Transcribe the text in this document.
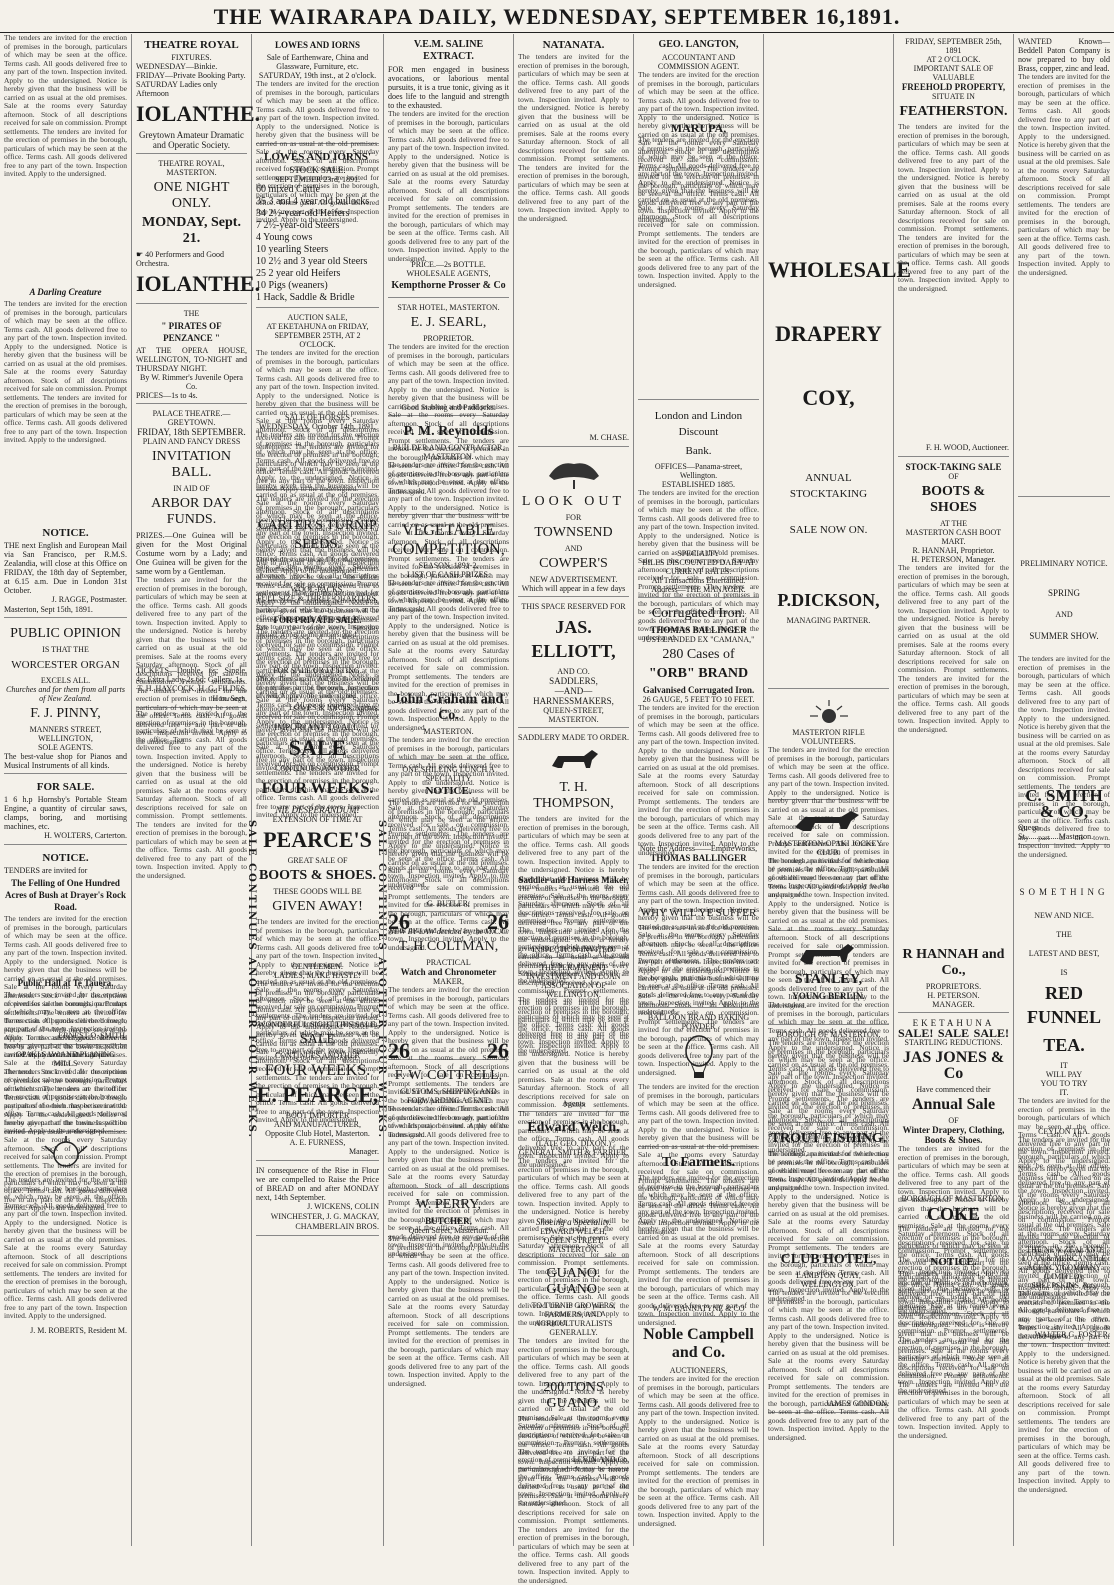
THE WAIRARAPA DAILY, WEDNESDAY, SEPTEMBER 16,1891.
The tenders are invited for the erection of premises in the borough, particulars of which may be seen at the office. Terms cash. All goods delivered free to any part of the town. Inspection invited. Apply to the undersigned. Notice is hereby given that the business will be carried on as usual at the old premises. Sale at the rooms every Saturday afternoon. Stock of all descriptions received for sale on commission. Prompt settlements. The tenders are invited for the erection of premises in the borough, particulars of which may be seen at the office. Terms cash. All goods delivered free to any part of the town. Inspection invited. Apply to the undersigned.
A Darling Creature
The tenders are invited for the erection of premises in the borough, particulars of which may be seen at the office. Terms cash. All goods delivered free to any part of the town. Inspection invited. Apply to the undersigned. Notice is hereby given that the business will be carried on as usual at the old premises. Sale at the rooms every Saturday afternoon. Stock of all descriptions received for sale on commission. Prompt settlements. The tenders are invited for the erection of premises in the borough, particulars of which may be seen at the office. Terms cash. All goods delivered free to any part of the town. Inspection invited. Apply to the undersigned.
NOTICE.
THE next English and European Mail via San Francisco, per R.M.S. Zealandia, will close at this Office on FRIDAY, the 18th day of September, at 6.15 a.m. Due in London 31st October.
J. RAGGE, Postmaster.
Masterton, Sept 15th, 1891.
PUBLIC OPINION
IS THAT THE
WORCESTER ORGAN
EXCELS ALL.
Churches and for them from all parts of New Zealand.
F. J. PINNY,
MANNERS STREET, WELLINGTON,
SOLE AGENTS.
The best-value shop for Pianos and Musical Instruments of all kinds.
FOR SALE.
1 6 h.p Hornsby's Portable Steam Engine, a quantity of circular saws, clamps, boring, and mortising machines, etc.
H. WOLTERS, Carterton.
NOTICE.
TENDERS are invited for
The Felling of One Hundred Acres of Bush at Drayer's Rock Road.
The tenders are invited for the erection of premises in the borough, particulars of which may be seen at the office. Terms cash. All goods delivered free to any part of the town. Inspection invited. Apply to the undersigned. Notice is hereby given that the business will be carried on as usual at the old premises. Sale at the rooms every Saturday afternoon. Stock of all descriptions received for sale on commission. Prompt settlements. The tenders are invited for the erection of premises in the borough, particulars of which may be seen at the office. Terms cash. All goods delivered free to any part of the town. Inspection invited. Apply to the undersigned.
Public Hall at Te Tauera.
The tenders are invited for the erection of premises in the borough, particulars of which may be seen at the office. Terms cash. All goods delivered free to any part of the town. Inspection invited. Apply to the undersigned. Notice is hereby given that the business will be carried on as usual at the old premises. Sale at the rooms every Saturday afternoon. Stock of all descriptions received for sale on commission. Prompt settlements. The tenders are invited for the erection of premises in the borough, particulars of which may be seen at the office. Terms cash. All goods delivered free to any part of the town. Inspection invited. Apply to the undersigned.
ERNEST O. SMITH.
OPAKI SAW AND PLANING MILLS
The tenders are invited for the erection of premises in the borough, particulars of which may be seen at the office. Terms cash. All goods delivered free to any part of the town. Inspection invited. Apply to the undersigned. Notice is hereby given that the business will be carried on as usual at the old premises. Sale at the rooms every Saturday afternoon. Stock of all descriptions received for sale on commission. Prompt settlements. The tenders are invited for the erection of premises in the borough, particulars of which may be seen at the office. Terms cash. All goods delivered free to any part of the town. Inspection invited. Apply to the undersigned.
The tenders are invited for the erection of premises in the borough, particulars of which may be seen at the office. Terms cash. All goods delivered free to any part of the town. Inspection invited. Apply to the undersigned. Notice is hereby given that the business will be carried on as usual at the old premises. Sale at the rooms every Saturday afternoon. Stock of all descriptions received for sale on commission. Prompt settlements. The tenders are invited for the erection of premises in the borough, particulars of which may be seen at the office. Terms cash. All goods delivered free to any part of the town. Inspection invited. Apply to the undersigned.
J. M. ROBERTS, Resident M.
THEATRE ROYAL
FIXTURES.
WEDNESDAY—Binkie.
FRIDAY—Private Booking Party.
SATURDAY Ladies only
Afternoon
IOLANTHE.
Greytown Amateur Dramatic and Operatic Society.
THEATRE ROYAL, MASTERTON.
ONE NIGHT ONLY.
MONDAY, Sept. 21.
☛ 40 Performers and Good Orchestra.
IOLANTHE.
THE
" PIRATES OF PENZANCE "
AT THE OPERA HOUSE, WELLINGTON, TO-NIGHT and THURSDAY NIGHT.
By W. Rimmer's Juvenile Opera Co.
PRICES—1s to 4s.
PALACE THEATRE.—GREYTOWN.
FRIDAY, 18th SEPTEMBER.
PLAIN AND FANCY DRESS
INVITATION BALL.
IN AID OF
ARBOR DAY FUNDS.
PRIZES.—One Guinea will be given for the Most Original Costume worn by a Lady; and One Guinea will be given for the same worn by a Gentleman.
The tenders are invited for the erection of premises in the borough, particulars of which may be seen at the office. Terms cash. All goods delivered free to any part of the town. Inspection invited. Apply to the undersigned. Notice is hereby given that the business will be carried on as usual at the old premises. Sale at the rooms every Saturday afternoon. Stock of all descriptions received for sale on commission. Prompt settlements. The tenders are invited for the erection of premises in the borough, particulars of which may be seen at the office. Terms cash. All goods delivered free to any part of the town. Inspection invited. Apply to the undersigned.
TICKETS—Double, 6s; Single, 4s; Extra Lady, 2s 6d; Gallery, 1s.
T. H. HAYCOCK, H. G. FILDES, Hon. Secs.
The tenders are invited for the erection of premises in the borough, particulars of which may be seen at the office. Terms cash. All goods delivered free to any part of the town. Inspection invited. Apply to the undersigned. Notice is hereby given that the business will be carried on as usual at the old premises. Sale at the rooms every Saturday afternoon. Stock of all descriptions received for sale on commission. Prompt settlements. The tenders are invited for the erection of premises in the borough, particulars of which may be seen at the office. Terms cash. All goods delivered free to any part of the town. Inspection invited. Apply to the undersigned.
SALE CONTINUES ANOTHER FOUR WEEKS.	SALE CONTINUES ANOTHER FOUR WEEKS.
LOWES AND IORNS
Sale of Earthenware, China and Glassware, Furniture, etc.
SATURDAY, 19th inst., at 2 o'clock.
The tenders are invited for the erection of premises in the borough, particulars of which may be seen at the office. Terms cash. All goods delivered free to any part of the town. Inspection invited. Apply to the undersigned. Notice is hereby given that the business will be carried on as usual at the old premises. Sale at the rooms every Saturday afternoon. Stock of all descriptions received for sale on commission. Prompt settlements. The tenders are invited for the erection of premises in the borough, particulars of which may be seen at the office. Terms cash. All goods delivered free to any part of the town. Inspection invited. Apply to the undersigned.
LOWES AND IORNS'
STOCK SALE.
SEPTEMBER 23rd, 1891.
60 mixed Cattle
35 3 and 4 year old bullocks
34 2½-year-old Heifers
7 2½-year-old Steers
4 Young cows
10 yearling Steers
10 2½ and 3 year old Steers
25 2 year old Heifers
10 Pigs (weaners)
1 Hack, Saddle & Bridle
AUCTION SALE,
AT EKETAHUNA on FRIDAY, SEPTEMBER 25TH, AT 2 O'CLOCK.
The tenders are invited for the erection of premises in the borough, particulars of which may be seen at the office. Terms cash. All goods delivered free to any part of the town. Inspection invited. Apply to the undersigned. Notice is hereby given that the business will be carried on as usual at the old premises. Sale at the rooms every Saturday afternoon. Stock of all descriptions received for sale on commission. Prompt settlements. The tenders are invited for the erection of premises in the borough, particulars of which may be seen at the office. Terms cash. All goods delivered free to any part of the town. Inspection invited. Apply to the undersigned.
SALE OF HORSES
WEDNESDAY, October 14th, 1891,
The tenders are invited for the erection of premises in the borough, particulars of which may be seen at the office. Terms cash. All goods delivered free to any part of the town. Inspection invited. Apply to the undersigned. Notice is hereby given that the business will be carried on as usual at the old premises. Sale at the rooms every Saturday afternoon. Stock of all descriptions received for sale on commission. Prompt settlements. The tenders are invited for the erection of premises in the borough, particulars of which may be seen at the office. Terms cash. All goods delivered free to any part of the town. Inspection invited. Apply to the undersigned.
The tenders are invited for the erection of premises in the borough, particulars of which may be seen at the office. Terms cash. All goods delivered free to any part of the town. Inspection invited. Apply to the undersigned. Notice is hereby given that the business will be carried on as usual at the old premises. Sale at the rooms every Saturday afternoon. Stock of all descriptions received for sale on commission. Prompt settlements. The tenders are invited for the erection of premises in the borough, particulars of which may be seen at the office. Terms cash. All goods delivered free to any part of the town. Inspection invited. Apply to the undersigned.
CARTER'S TURNIP
SEEDS.
The tenders are invited for the erection of premises in the borough, particulars of which may be seen at the office. Terms cash. All goods delivered free to any part of the town. Inspection invited. Apply to the undersigned. Notice is hereby given that the business will be carried on as usual at the old premises. Sale at the rooms every Saturday afternoon. Stock of all descriptions received for sale on commission. Prompt settlements. The tenders are invited for the erection of premises in the borough, particulars of which may be seen at the office. Terms cash. All goods delivered free to any part of the town. Inspection invited. Apply to the undersigned.
WOOL-PACKS.
FULL SIZE & THREE-QUARTERS.
FOR PRIVATE SALE.
The tenders are invited for the erection of premises in the borough, particulars of which may be seen at the office. Terms cash. All goods delivered free to any part of the town. Inspection invited. Apply to the undersigned. Notice is hereby given that the business will be carried on as usual at the old premises. Sale at the rooms every Saturday afternoon. Stock of all descriptions received for sale on commission. Prompt settlements. The tenders are invited for the erection of premises in the borough, particulars of which may be seen at the office. Terms cash. All goods delivered free to any part of the town. Inspection invited. Apply to the undersigned.
FOR SALE OR LETTING.
The tenders are invited for the erection of premises in the borough, particulars of which may be seen at the office. Terms cash. All goods delivered free to any part of the town. Inspection invited. Apply to the undersigned. Notice is hereby given that the business will be carried on as usual at the old premises. Sale at the rooms every Saturday afternoon. Stock of all descriptions received for sale on commission. Prompt settlements. The tenders are invited for the erection of premises in the borough, particulars of which may be seen at the office. Terms cash. All goods delivered free to any part of the town. Inspection invited. Apply to the undersigned.
LOWES & IORNS, Agents.
IMPORTANT TO ALL.
SALE
CONTINUES ANOTHER
FOUR WEEKS.
NIL DESPERANDUM!
EXTENSION OF TIME AT
PEARCE'S
GREAT SALE OF
BOOTS & SHOES.
THESE GOODS WILL BE
GIVEN AWAY!
The tenders are invited for the erection of premises in the borough, particulars of which may be seen at the office. Terms cash. All goods delivered free to any part of the town. Inspection invited. Apply to the undersigned. Notice is hereby given that the business will be carried on as usual at the old premises. Sale at the rooms every Saturday afternoon. Stock of all descriptions received for sale on commission. Prompt settlements. The tenders are invited for the erection of premises in the borough, particulars of which may be seen at the office. Terms cash. All goods delivered free to any part of the town. Inspection invited. Apply to the undersigned.
GENTLEMEN.
LADIES, MAKE HASTE!
The tenders are invited for the erection of premises in the borough, particulars of which may be seen at the office. Terms cash. All goods delivered free to any part of the town. Inspection invited. Apply to the undersigned. Notice is hereby given that the business will be carried on as usual at the old premises. Sale at the rooms every Saturday afternoon. Stock of all descriptions received for sale on commission. Prompt settlements. The tenders are invited for the erection of premises in the borough, particulars of which may be seen at the office. Terms cash. All goods delivered free to any part of the town. Inspection invited. Apply to the undersigned.
WONDERFUL SIGHT THIS SALE.
SALE
CONTINUES ANOTHER
FOUR WEEKS.
E. PEARCE,
BOOT IMPORTER
AND MANUFACTURER,
Opposite Club Hotel, Masterton.
A. E. FURNESS,
Manager.
IN consequence of the Rise in Flour we are compelled to Raise the Price of BREAD on and after MONDAY next, 14th September.
J. WICKENS, COLIN WINCHESTER, J. G. MACKAY, CHAMBERLAIN BROS.
V.E.M. SALINE EXTRACT.
FOR men engaged in business avocations, or laborious mental pursuits, it is a true tonic, giving as it does life to the languid and strength to the exhausted.
The tenders are invited for the erection of premises in the borough, particulars of which may be seen at the office. Terms cash. All goods delivered free to any part of the town. Inspection invited. Apply to the undersigned. Notice is hereby given that the business will be carried on as usual at the old premises. Sale at the rooms every Saturday afternoon. Stock of all descriptions received for sale on commission. Prompt settlements. The tenders are invited for the erection of premises in the borough, particulars of which may be seen at the office. Terms cash. All goods delivered free to any part of the town. Inspection invited. Apply to the undersigned.
PRICE.—2s BOTTLE.
WHOLESALE AGENTS,
Kempthorne Prosser & Co
STAR HOTEL, MASTERTON.
E. J. SEARL,
PROPRIETOR.
The tenders are invited for the erection of premises in the borough, particulars of which may be seen at the office. Terms cash. All goods delivered free to any part of the town. Inspection invited. Apply to the undersigned. Notice is hereby given that the business will be carried on as usual at the old premises. Sale at the rooms every Saturday afternoon. Stock of all descriptions received for sale on commission. Prompt settlements. The tenders are invited for the erection of premises in the borough, particulars of which may be seen at the office. Terms cash. All goods delivered free to any part of the town. Inspection invited. Apply to the undersigned.
Good Stabling and Paddocks.
P. M. Reynolds
BUILDER AND CONTRACTOR,
MASTERTON.
The tenders are invited for the erection of premises in the borough, particulars of which may be seen at the office. Terms cash. All goods delivered free to any part of the town. Inspection invited. Apply to the undersigned. Notice is hereby given that the business will be carried on as usual at the old premises. Sale at the rooms every Saturday afternoon. Stock of all descriptions received for sale on commission. Prompt settlements. The tenders are invited for the erection of premises in the borough, particulars of which may be seen at the office. Terms cash. All goods delivered free to any part of the town. Inspection invited. Apply to the undersigned.
VEGETABLE
COMPETITION,
SEASON, 1891-2.
LIST OF CASH PRIZES.
The tenders are invited for the erection of premises in the borough, particulars of which may be seen at the office. Terms cash. All goods delivered free to any part of the town. Inspection invited. Apply to the undersigned. Notice is hereby given that the business will be carried on as usual at the old premises. Sale at the rooms every Saturday afternoon. Stock of all descriptions received for sale on commission. Prompt settlements. The tenders are invited for the erection of premises in the borough, particulars of which may be seen at the office. Terms cash. All goods delivered free to any part of the town. Inspection invited. Apply to the undersigned.
John Graham and Co.
MASTERTON.
The tenders are invited for the erection of premises in the borough, particulars of which may be seen at the office. Terms cash. All goods delivered free to any part of the town. Inspection invited. Apply to the undersigned. Notice is hereby given that the business will be carried on as usual at the old premises. Sale at the rooms every Saturday afternoon. Stock of all descriptions received for sale on commission. Prompt settlements. The tenders are invited for the erection of premises in the borough, particulars of which may be seen at the office. Terms cash. All goods delivered free to any part of the town. Inspection invited. Apply to the undersigned.
ONE SHILLING LUNCH A SPECIALITY
NOTICE.
The tenders are invited for the erection of premises in the borough, particulars of which may be seen at the office. Terms cash. All goods delivered free to any part of the town. Inspection invited. Apply to the undersigned. Notice is hereby given that the business will be carried on as usual at the old premises. Sale at the rooms every Saturday afternoon. Stock of all descriptions received for sale on commission. Prompt settlements. The tenders are invited for the erection of premises in the borough, particulars of which may be seen at the office. Terms cash. All goods delivered free to any part of the town. Inspection invited. Apply to the undersigned.
G. BUTLER,
26	26
NEW BY-LAW decided by the M.C.C.
T. H COLTMAN,
PRACTICAL
Watch and Chronometer
MAKER,
The tenders are invited for the erection of premises in the borough, particulars of which may be seen at the office. Terms cash. All goods delivered free to any part of the town. Inspection invited. Apply to the undersigned. Notice is hereby given that the business will be carried on as usual at the old premises. Sale at the rooms every Saturday afternoon. Stock of all descriptions received for sale on commission. Prompt settlements. The tenders are invited for the erection of premises in the borough, particulars of which may be seen at the office. Terms cash. All goods delivered free to any part of the town. Inspection invited. Apply to the undersigned.
26	26
F. W. COTTRELL,
CUSTOMS, SHIPPING AND FORWARDING AGENT.
The tenders are invited for the erection of premises in the borough, particulars of which may be seen at the office. Terms cash. All goods delivered free to any part of the town. Inspection invited. Apply to the undersigned. Notice is hereby given that the business will be carried on as usual at the old premises. Sale at the rooms every Saturday afternoon. Stock of all descriptions received for sale on commission. Prompt settlements. The tenders are invited for the erection of premises in the borough, particulars of which may be seen at the office. Terms cash. All goods delivered free to any part of the town. Inspection invited. Apply to the undersigned.
W. PERRY,
BUTCHER,
Queen Street, Masterton.
The tenders are invited for the erection of premises in the borough, particulars of which may be seen at the office. Terms cash. All goods delivered free to any part of the town. Inspection invited. Apply to the undersigned. Notice is hereby given that the business will be carried on as usual at the old premises. Sale at the rooms every Saturday afternoon. Stock of all descriptions received for sale on commission. Prompt settlements. The tenders are invited for the erection of premises in the borough, particulars of which may be seen at the office. Terms cash. All goods delivered free to any part of the town. Inspection invited. Apply to the undersigned.
NATANATA.
The tenders are invited for the erection of premises in the borough, particulars of which may be seen at the office. Terms cash. All goods delivered free to any part of the town. Inspection invited. Apply to the undersigned. Notice is hereby given that the business will be carried on as usual at the old premises. Sale at the rooms every Saturday afternoon. Stock of all descriptions received for sale on commission. Prompt settlements. The tenders are invited for the erection of premises in the borough, particulars of which may be seen at the office. Terms cash. All goods delivered free to any part of the town. Inspection invited. Apply to the undersigned.
M. CHASE.
LOOK OUT
FOR
TOWNSEND
AND
COWPER'S
NEW ADVERTISEMENT.
Which will appear in a few days
THIS SPACE RESERVED FOR
JAS. ELLIOTT,
AND CO.
SADDLERS,
—AND— HARNESSMAKERS,
QUEEN-STREET, MASTERTON.
SADDLERY MADE TO ORDER.
T. H. THOMPSON,
The tenders are invited for the erection of premises in the borough, particulars of which may be seen at the office. Terms cash. All goods delivered free to any part of the town. Inspection invited. Apply to the undersigned. Notice is hereby given that the business will be carried on as usual at the old premises. Sale at the rooms every Saturday afternoon. Stock of all descriptions received for sale on commission. Prompt settlements. The tenders are invited for the erection of premises in the borough, particulars of which may be seen at the office. Terms cash. All goods delivered free to any part of the town. Inspection invited. Apply to the undersigned.
Saddler and Harness Maker,
The tenders are invited for the erection of premises in the borough, particulars of which may be seen at the office. Terms cash. All goods delivered free to any part of the town. Inspection invited. Apply to the undersigned. Notice is hereby given that the business will be carried on as usual at the old premises. Sale at the rooms every Saturday afternoon. Stock of all descriptions received for sale on commission. Prompt settlements. The tenders are invited for the erection of premises in the borough, particulars of which may be seen at the office. Terms cash. All goods delivered free to any part of the town. Inspection invited. Apply to the undersigned.
INSPECTION INVITED.
THE PERMANENT INVESTMENT AND LOAN ASSOCIATION OF WELLINGTON.
The tenders are invited for the erection of premises in the borough, particulars of which may be seen at the office. Terms cash. All goods delivered free to any part of the town. Inspection invited. Apply to the undersigned. Notice is hereby given that the business will be carried on as usual at the old premises. Sale at the rooms every Saturday afternoon. Stock of all descriptions received for sale on commission. Prompt settlements. The tenders are invited for the erection of premises in the borough, particulars of which may be seen at the office. Terms cash. All goods delivered free to any part of the town. Inspection invited. Apply to the undersigned.
Agents
Edward Welch,
(LATE GEO. DIXON.)
GENERAL SMITH & FARRIER,
The tenders are invited for the erection of premises in the borough, particulars of which may be seen at the office. Terms cash. All goods delivered free to any part of the town. Inspection invited. Apply to the undersigned. Notice is hereby given that the business will be carried on as usual at the old premises. Sale at the rooms every Saturday afternoon. Stock of all descriptions received for sale on commission. Prompt settlements. The tenders are invited for the erection of premises in the borough, particulars of which may be seen at the office. Terms cash. All goods delivered free to any part of the town. Inspection invited. Apply to the undersigned.
Shoeing a Speciality.
EDWARD WELCH,
QUEEN STREET, MASTERTON.
GUANO. GUANO.
TO TURNIP GROWERS,
FARMERS, AND AGRICULTURALISTS
GENERALLY.
The tenders are invited for the erection of premises in the borough, particulars of which may be seen at the office. Terms cash. All goods delivered free to any part of the town. Inspection invited. Apply to the undersigned. Notice is hereby given that the business will be carried on as usual at the old premises. Sale at the rooms every Saturday afternoon. Stock of all descriptions received for sale on commission. Prompt settlements. The tenders are invited for the erection of premises in the borough, particulars of which may be seen at the office. Terms cash. All goods delivered free to any part of the town. Inspection invited. Apply to the undersigned.
200 TONS GUANO,
The tenders are invited for the erection of premises in the borough, particulars of which may be seen at the office. Terms cash. All goods delivered free to any part of the town. Inspection invited. Apply to the undersigned. Notice is hereby given that the business will be carried on as usual at the old premises. Sale at the rooms every Saturday afternoon. Stock of all descriptions received for sale on commission. Prompt settlements. The tenders are invited for the erection of premises in the borough, particulars of which may be seen at the office. Terms cash. All goods delivered free to any part of the town. Inspection invited. Apply to the undersigned.
LEVIN AND Co.
GEO. LANGTON,
ACCOUNTANT AND COMMISSION AGENT.
The tenders are invited for the erection of premises in the borough, particulars of which may be seen at the office. Terms cash. All goods delivered free to any part of the town. Inspection invited. Apply to the undersigned. Notice is hereby given that the business will be carried on as usual at the old premises. Sale at the rooms every Saturday afternoon. Stock of all descriptions received for sale on commission. Prompt settlements. The tenders are invited for the erection of premises in the borough, particulars of which may be seen at the office. Terms cash. All goods delivered free to any part of the town. Inspection invited. Apply to the undersigned.
MARUPA,
The tenders are invited for the erection of premises in the borough, particulars of which may be seen at the office. Terms cash. All goods delivered free to any part of the town. Inspection invited. Apply to the undersigned. Notice is hereby given that the business will be carried on as usual at the old premises. Sale at the rooms every Saturday afternoon. Stock of all descriptions received for sale on commission. Prompt settlements. The tenders are invited for the erection of premises in the borough, particulars of which may be seen at the office. Terms cash. All goods delivered free to any part of the town. Inspection invited. Apply to the undersigned.
London and Lindon Discount
Bank.
OFFICES—Panama-street, Wellington.
ESTABLISHED 1885.
The tenders are invited for the erection of premises in the borough, particulars of which may be seen at the office. Terms cash. All goods delivered free to any part of the town. Inspection invited. Apply to the undersigned. Notice is hereby given that the business will be carried on as usual at the old premises. Sale at the rooms every Saturday afternoon. Stock of all descriptions received for sale on commission. Prompt settlements. The tenders are invited for the erection of premises in the borough, particulars of which may be seen at the office. Terms cash. All goods delivered free to any part of the town. Inspection invited. Apply to the undersigned.
SPECIALTY
BILLS DISCOUNTED DAILY AT CURRENT RATES.
All Transactions Entertained.
Address—THE MANAGER.
Corrugated Iron.
THOMAS BALLINGER
JUST LANDED EX "CAMANA,"
280 Cases of
"ORB" BRAND
Galvanised Corrugated Iron.
26 GAUGE, 5 FEET TO 10 FEET.
The tenders are invited for the erection of premises in the borough, particulars of which may be seen at the office. Terms cash. All goods delivered free to any part of the town. Inspection invited. Apply to the undersigned. Notice is hereby given that the business will be carried on as usual at the old premises. Sale at the rooms every Saturday afternoon. Stock of all descriptions received for sale on commission. Prompt settlements. The tenders are invited for the erection of premises in the borough, particulars of which may be seen at the office. Terms cash. All goods delivered free to any part of the town. Inspection invited. Apply to the undersigned.
Note the Address——EmpireWorks,
THOMAS BALLINGER
The tenders are invited for the erection of premises in the borough, particulars of which may be seen at the office. Terms cash. All goods delivered free to any part of the town. Inspection invited. Apply to the undersigned. Notice is hereby given that the business will be carried on as usual at the old premises. Sale at the rooms every Saturday afternoon. Stock of all descriptions received for sale on commission. Prompt settlements. The tenders are invited for the erection of premises in the borough, particulars of which may be seen at the office. Terms cash. All goods delivered free to any part of the town. Inspection invited. Apply to the undersigned.
WHY WILL YE SUFFER
The tenders are invited for the erection of premises in the borough, particulars of which may be seen at the office. Terms cash. All goods delivered free to any part of the town. Inspection invited. Apply to the undersigned. Notice is hereby given that the business will be carried on as usual at the old premises. Sale at the rooms every Saturday afternoon. Stock of all descriptions received for sale on commission. Prompt settlements. The tenders are invited for the erection of premises in the borough, particulars of which may be seen at the office. Terms cash. All goods delivered free to any part of the town. Inspection invited. Apply to the undersigned.
BALLOON BRAND BAKING POWDER
The tenders are invited for the erection of premises in the borough, particulars of which may be seen at the office. Terms cash. All goods delivered free to any part of the town. Inspection invited. Apply to the undersigned. Notice is hereby given that the business will be carried on as usual at the old premises. Sale at the rooms every Saturday afternoon. Stock of all descriptions received for sale on commission. Prompt settlements. The tenders are invited for the erection of premises in the borough, particulars of which may be seen at the office. Terms cash. All goods delivered free to any part of the town. Inspection invited. Apply to the undersigned.
To Farmers.
The tenders are invited for the erection of premises in the borough, particulars of which may be seen at the office. Terms cash. All goods delivered free to any part of the town. Inspection invited. Apply to the undersigned. Notice is hereby given that the business will be carried on as usual at the old premises. Sale at the rooms every Saturday afternoon. Stock of all descriptions received for sale on commission. Prompt settlements. The tenders are invited for the erection of premises in the borough, particulars of which may be seen at the office. Terms cash. All goods delivered free to any part of the town. Inspection invited. Apply to the undersigned.
W. M. BANNATYNE & CO
Noble Campbell and Co.
AUCTIONEERS,
The tenders are invited for the erection of premises in the borough, particulars of which may be seen at the office. Terms cash. All goods delivered free to any part of the town. Inspection invited. Apply to the undersigned. Notice is hereby given that the business will be carried on as usual at the old premises. Sale at the rooms every Saturday afternoon. Stock of all descriptions received for sale on commission. Prompt settlements. The tenders are invited for the erection of premises in the borough, particulars of which may be seen at the office. Terms cash. All goods delivered free to any part of the town. Inspection invited. Apply to the undersigned.
WHOLESALE
DRAPERY
COY,
ANNUAL STOCKTAKING
SALE NOW ON.
P.DICKSON,
MANAGING PARTNER.
MASTERTON RIFLE VOLUNTEERS.
The tenders are invited for the erection of premises in the borough, particulars of which may be seen at the office. Terms cash. All goods delivered free to any part of the town. Inspection invited. Apply to the undersigned. Notice is hereby given that the business will be carried on as usual at the old premises. Sale at the rooms every Saturday afternoon. Stock of all descriptions received for sale on commission. Prompt settlements. The tenders are invited for the erection of premises in the borough, particulars of which may be seen at the office. Terms cash. All goods delivered free to any part of the town. Inspection invited. Apply to the undersigned.
MASTERTON-OPAKI JOCKEY CLUB.
The tenders are invited for the erection of premises in the borough, particulars of which may be seen at the office. Terms cash. All goods delivered free to any part of the town. Inspection invited. Apply to the undersigned. Notice is hereby given that the business will be carried on as usual at the old premises. Sale at the rooms every Saturday afternoon. Stock of all descriptions received for sale on commission. Prompt settlements. The tenders are invited for the erection of premises in the borough, particulars of which may be seen at the office. Terms cash. All goods delivered free to any part of the town. Inspection invited. Apply to the undersigned.
STANLEY,
YOUNG BERLIN.
The tenders are invited for the erection of premises in the borough, particulars of which may be seen at the office. Terms cash. All goods delivered free to any part of the town. Inspection invited. Apply to the undersigned. Notice is hereby given that the business will be carried on as usual at the old premises. Sale at the rooms every Saturday afternoon. Stock of all descriptions received for sale on commission. Prompt settlements. The tenders are invited for the erection of premises in the borough, particulars of which may be seen at the office. Terms cash. All goods delivered free to any part of the town. Inspection invited. Apply to the undersigned.
BOROUGH OF MASTERTON.
The tenders are invited for the erection of premises in the borough, particulars of which may be seen at the office. Terms cash. All goods delivered free to any part of the town. Inspection invited. Apply to the undersigned. Notice is hereby given that the business will be carried on as usual at the old premises. Sale at the rooms every Saturday afternoon. Stock of all descriptions received for sale on commission. Prompt settlements. The tenders are invited for the erection of premises in the borough, particulars of which may be seen at the office. Terms cash. All goods delivered free to any part of the town. Inspection invited. Apply to the undersigned.
TROUT FISHING.
The tenders are invited for the erection of premises in the borough, particulars of which may be seen at the office. Terms cash. All goods delivered free to any part of the town. Inspection invited. Apply to the undersigned. Notice is hereby given that the business will be carried on as usual at the old premises. Sale at the rooms every Saturday afternoon. Stock of all descriptions received for sale on commission. Prompt settlements. The tenders are invited for the erection of premises in the borough, particulars of which may be seen at the office. Terms cash. All goods delivered free to any part of the town. Inspection invited. Apply to the undersigned.
CLUB HOTEL,
LAMBTON QUAY, WELLINGTON.
The tenders are invited for the erection of premises in the borough, particulars of which may be seen at the office. Terms cash. All goods delivered free to any part of the town. Inspection invited. Apply to the undersigned. Notice is hereby given that the business will be carried on as usual at the old premises. Sale at the rooms every Saturday afternoon. Stock of all descriptions received for sale on commission. Prompt settlements. The tenders are invited for the erection of premises in the borough, particulars of which may be seen at the office. Terms cash. All goods delivered free to any part of the town. Inspection invited. Apply to the undersigned.
JAMES CONDON.
FRIDAY, SEPTEMBER 25th, 1891
AT 2 O'CLOCK.
IMPORTANT SALE OF VALUABLE
FREEHOLD PROPERTY,
SITUATE IN
FEATHERSTON.
The tenders are invited for the erection of premises in the borough, particulars of which may be seen at the office. Terms cash. All goods delivered free to any part of the town. Inspection invited. Apply to the undersigned. Notice is hereby given that the business will be carried on as usual at the old premises. Sale at the rooms every Saturday afternoon. Stock of all descriptions received for sale on commission. Prompt settlements. The tenders are invited for the erection of premises in the borough, particulars of which may be seen at the office. Terms cash. All goods delivered free to any part of the town. Inspection invited. Apply to the undersigned.
F. H. WOOD, Auctioneer.
STOCK-TAKING SALE
OF
BOOTS & SHOES
AT THE
MASTERTON CASH BOOT MART.
R. HANNAH, Proprietor.
H. PETERSON, Manager.
The tenders are invited for the erection of premises in the borough, particulars of which may be seen at the office. Terms cash. All goods delivered free to any part of the town. Inspection invited. Apply to the undersigned. Notice is hereby given that the business will be carried on as usual at the old premises. Sale at the rooms every Saturday afternoon. Stock of all descriptions received for sale on commission. Prompt settlements. The tenders are invited for the erection of premises in the borough, particulars of which may be seen at the office. Terms cash. All goods delivered free to any part of the town. Inspection invited. Apply to the undersigned.
R HANNAH and Co.,
PROPRIETORS.
H. PETERSON.
MANAGER.
EKETAHUNA
SALE! SALE SALE!
STARTLING REDUCTIONS.
JAS JONES & Co
Have commenced their
Annual Sale
OF
Winter Drapery, Clothing, Boots & Shoes.
The tenders are invited for the erection of premises in the borough, particulars of which may be seen at the office. Terms cash. All goods delivered free to any part of the town. Inspection invited. Apply to the undersigned. Notice is hereby given that the business will be carried on as usual at the old premises. Sale at the rooms every Saturday afternoon. Stock of all descriptions received for sale on commission. Prompt settlements. The tenders are invited for the erection of premises in the borough, particulars of which may be seen at the office. Terms cash. All goods delivered free to any part of the town. Inspection invited. Apply to the undersigned.
BOROUGH OF MASTERTON.
COKE
The tenders are invited for the erection of premises in the borough, particulars of which may be seen at the office. Terms cash. All goods delivered free to any part of the town. Inspection invited. Apply to the undersigned. Notice is hereby given that the business will be carried on as usual at the old premises. Sale at the rooms every Saturday afternoon. Stock of all descriptions received for sale on commission. Prompt settlements. The tenders are invited for the erection of premises in the borough, particulars of which may be seen at the office. Terms cash. All goods delivered free to any part of the town. Inspection invited. Apply to the undersigned.
NOTICE.
The tenders are invited for the erection of premises in the borough, particulars of which may be seen at the office. Terms cash. All goods delivered free to any part of the town. Inspection invited. Apply to the undersigned. Notice is hereby given that the business will be carried on as usual at the old premises. Sale at the rooms every Saturday afternoon. Stock of all descriptions received for sale on commission. Prompt settlements. The tenders are invited for the erection of premises in the borough, particulars of which may be seen at the office. Terms cash. All goods delivered free to any part of the town. Inspection invited. Apply to the undersigned.
WANTED Known—Beddell Paton Company is now prepared to buy old Brass, copper, zinc and lead.
The tenders are invited for the erection of premises in the borough, particulars of which may be seen at the office. Terms cash. All goods delivered free to any part of the town. Inspection invited. Apply to the undersigned. Notice is hereby given that the business will be carried on as usual at the old premises. Sale at the rooms every Saturday afternoon. Stock of all descriptions received for sale on commission. Prompt settlements. The tenders are invited for the erection of premises in the borough, particulars of which may be seen at the office. Terms cash. All goods delivered free to any part of the town. Inspection invited. Apply to the undersigned.
PRELIMINARY NOTICE.
SPRING
AND
SUMMER SHOW.
The tenders are invited for the erection of premises in the borough, particulars of which may be seen at the office. Terms cash. All goods delivered free to any part of the town. Inspection invited. Apply to the undersigned. Notice is hereby given that the business will be carried on as usual at the old premises. Sale at the rooms every Saturday afternoon. Stock of all descriptions received for sale on commission. Prompt settlements. The tenders are invited for the erection of premises in the borough, particulars of which may be seen at the office. Terms cash. All goods delivered free to any part of the town. Inspection invited. Apply to the undersigned.
C. SMITH & CO,
Queen-St.................Masterton.
SOMETHING
NEW AND NICE.
THE
LATEST AND BEST,
IS
RED FUNNEL
TEA.
IT
WILL PAY
YOU TO TRY
IT.
The tenders are invited for the erection of premises in the borough, particulars of which may be seen at the office. Terms cash. All goods delivered free to any part of the town. Inspection invited. Apply to the undersigned. Notice is hereby given that the business will be carried on as usual at the old premises. Sale at the rooms every Saturday afternoon. Stock of all descriptions received for sale on commission. Prompt settlements. The tenders are invited for the erection of premises in the borough, particulars of which may be seen at the office. Terms cash. All goods delivered free to any part of the town. Inspection invited. Apply to the undersigned.
CEYLON TEA.
The tenders are invited for the erection of premises in the borough, particulars of which may be seen at the office. Terms cash. All goods delivered free to any part of the town. Inspection invited. Apply to the undersigned. Notice is hereby given that the business will be carried on as usual at the old premises. Sale at the rooms every Saturday afternoon. Stock of all descriptions received for sale on commission. Prompt settlements. The tenders are invited for the erection of premises in the borough, particulars of which may be seen at the office. Terms cash. All goods delivered free to any part of the town. Inspection invited. Apply to the undersigned.
THE NEW ZEALAND LOAN & MERCANTILE AGENCY COMPANY (LIMITED).
SHEEPSKINS, &c.,
The tenders are invited for the erection of premises in the borough, particulars of which may be seen at the office. Terms cash. All goods delivered free to any part of the town. Inspection invited. Apply to the undersigned. Notice is hereby given that the business will be carried on as usual at the old premises. Sale at the rooms every Saturday afternoon. Stock of all descriptions received for sale on commission. Prompt settlements. The tenders are invited for the erection of premises in the borough, particulars of which may be seen at the office. Terms cash. All goods delivered free to any part of the town. Inspection invited. Apply to the undersigned.
WALTER G. FOSTER.
